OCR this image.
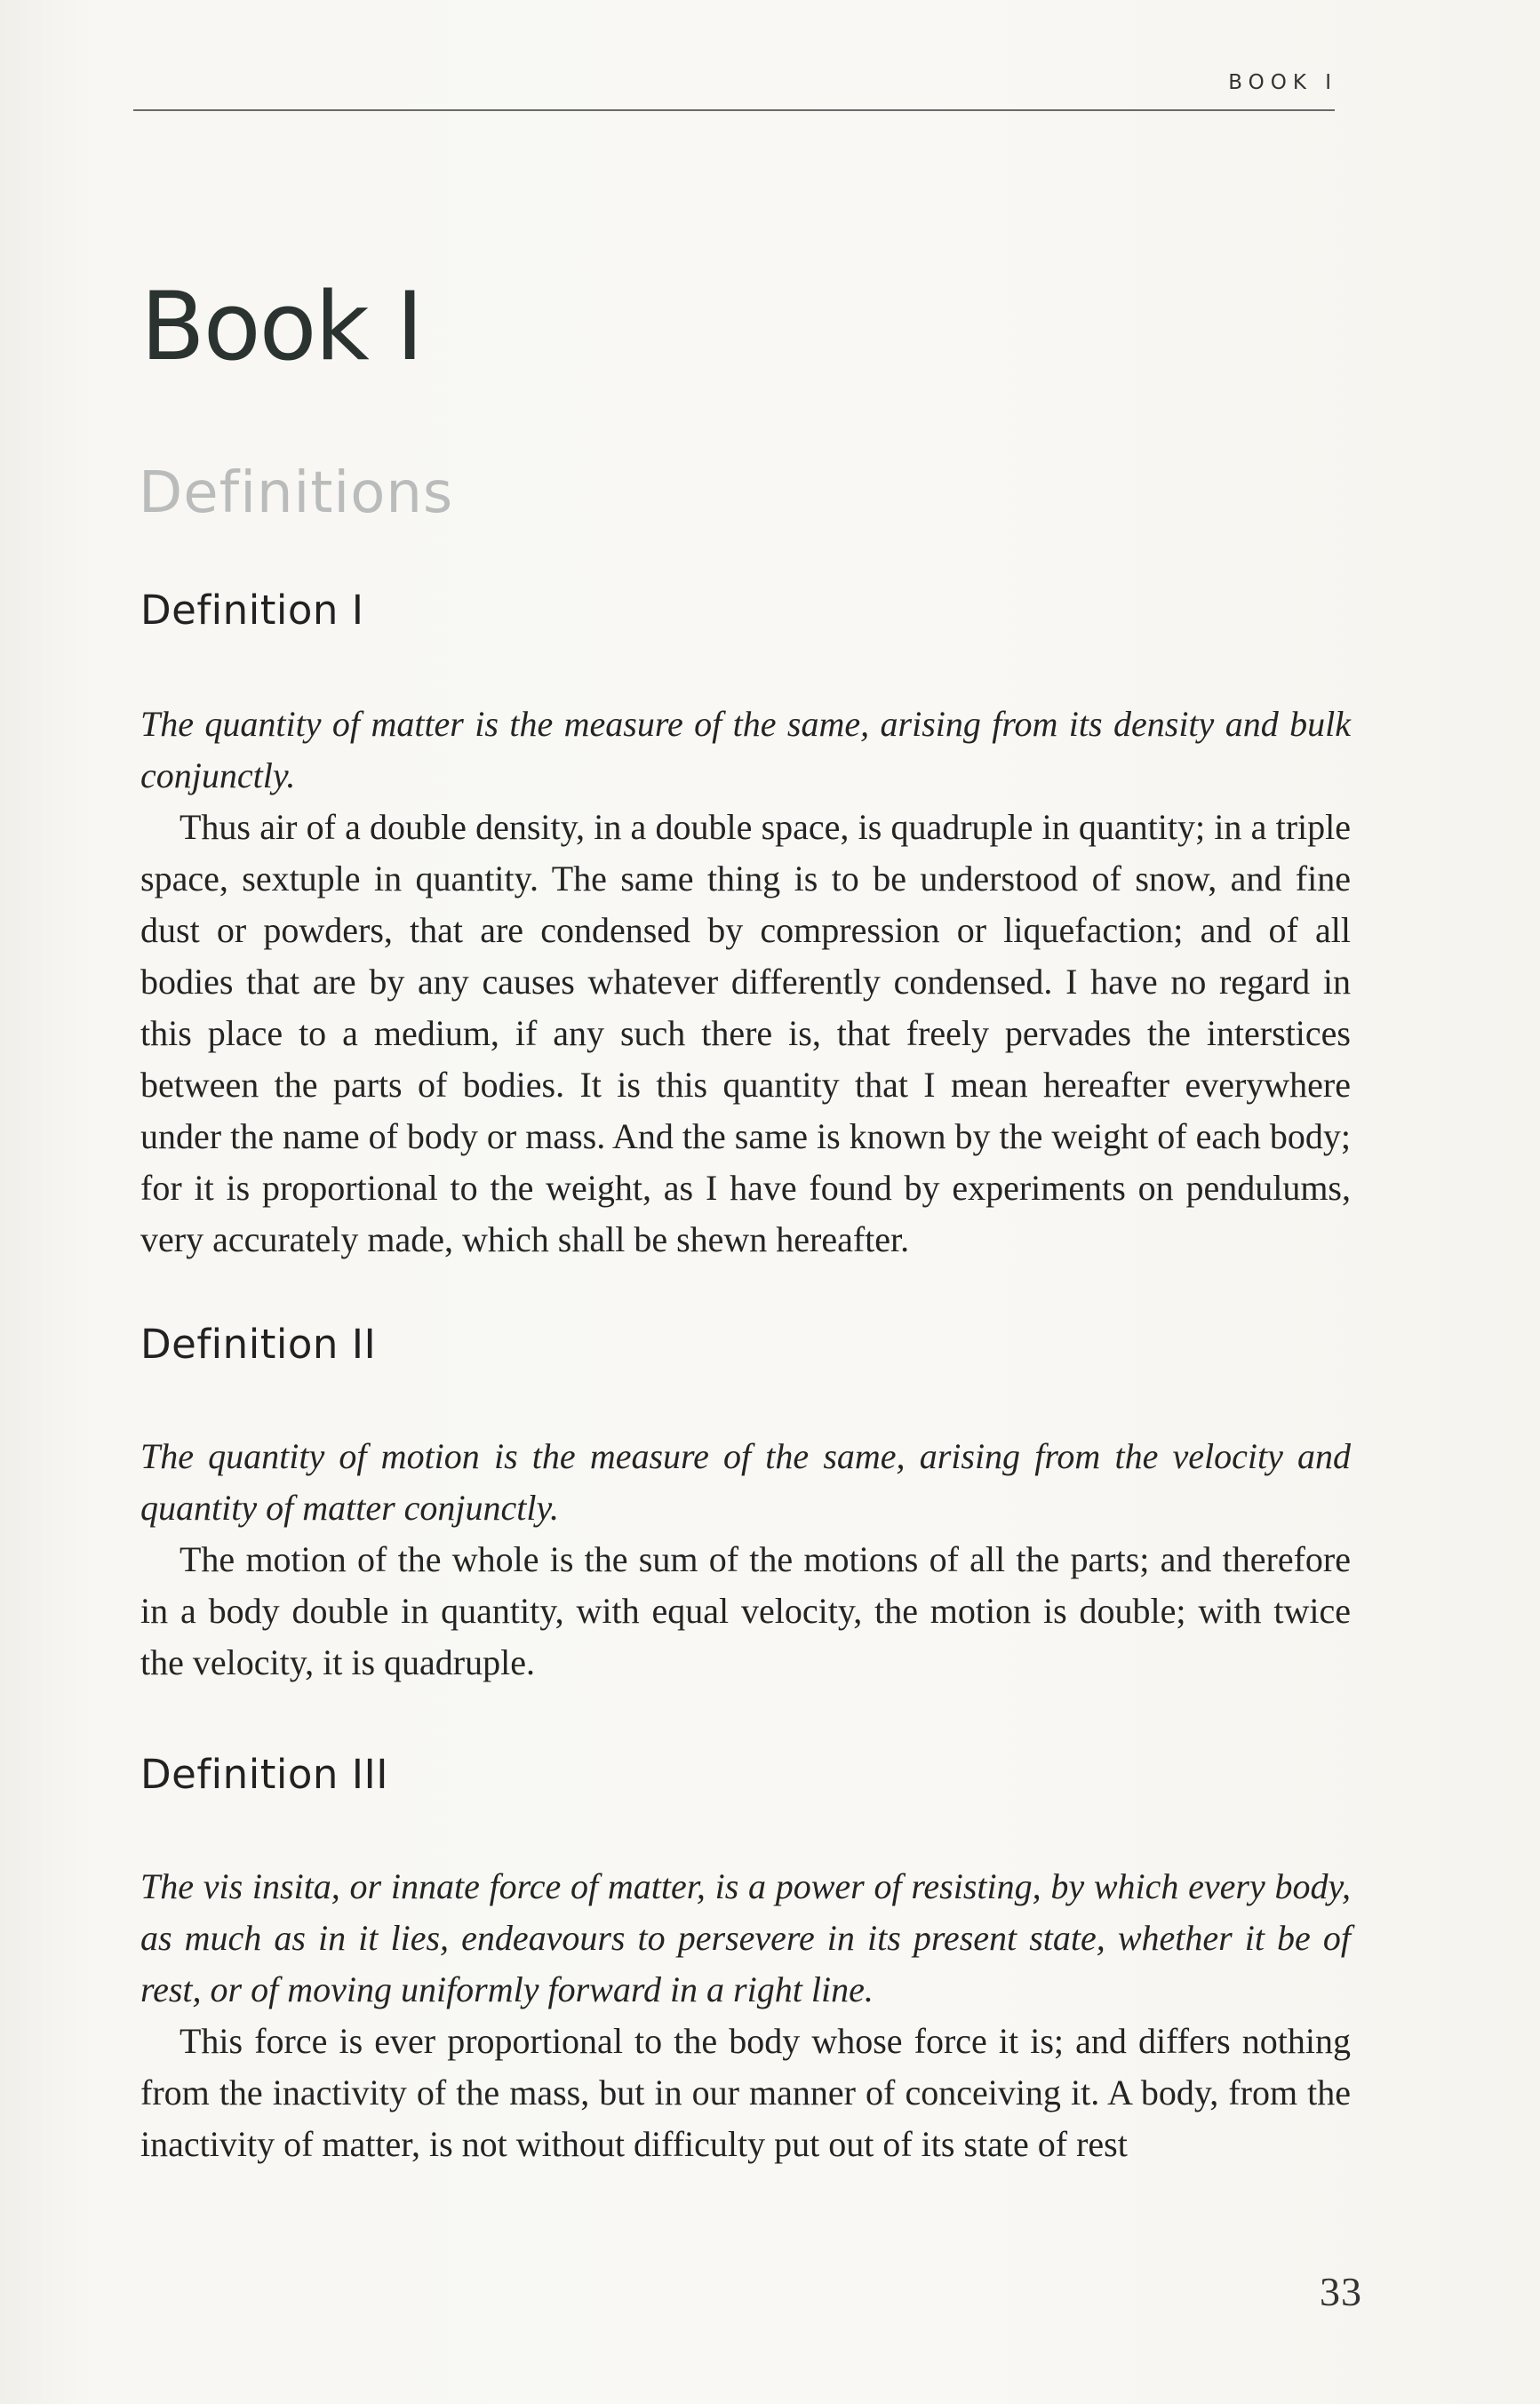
BOOK I
Book I
Definitions
Definition I

The quantity of matter is the measure of the same, arising from its density and bulk conjunctly.

Thus air of a double density, in a double space, is quadruple in quantity; in a triple space, sextuple in quantity. The same thing is to be understood of snow, and fine dust or powders, that are condensed by compression or liquefaction; and of all bodies that are by any causes whatever differently condensed. I have no regard in this place to a medium, if any such there is, that freely pervades the interstices between the parts of bodies. It is this quantity that I mean hereafter everywhere under the name of body or mass. And the same is known by the weight of each body; for it is proportional to the weight, as I have found by experiments on pendulums, very accurately made, which shall be shewn hereafter.

Definition II

The quantity of motion is the measure of the same, arising from the velocity and quantity of matter conjunctly.

The motion of the whole is the sum of the motions of all the parts; and therefore in a body double in quantity, with equal velocity, the motion is double; with twice the velocity, it is quadruple.

Definition III

The vis insita, or innate force of matter, is a power of resisting, by which every body, as much as in it lies, endeavours to persevere in its present state, whether it be of rest, or of moving uniformly forward in a right line.

This force is ever proportional to the body whose force it is; and differs nothing from the inactivity of the mass, but in our manner of conceiving it. A body, from the inactivity of matter, is not without difficulty put out of its state of rest

33
